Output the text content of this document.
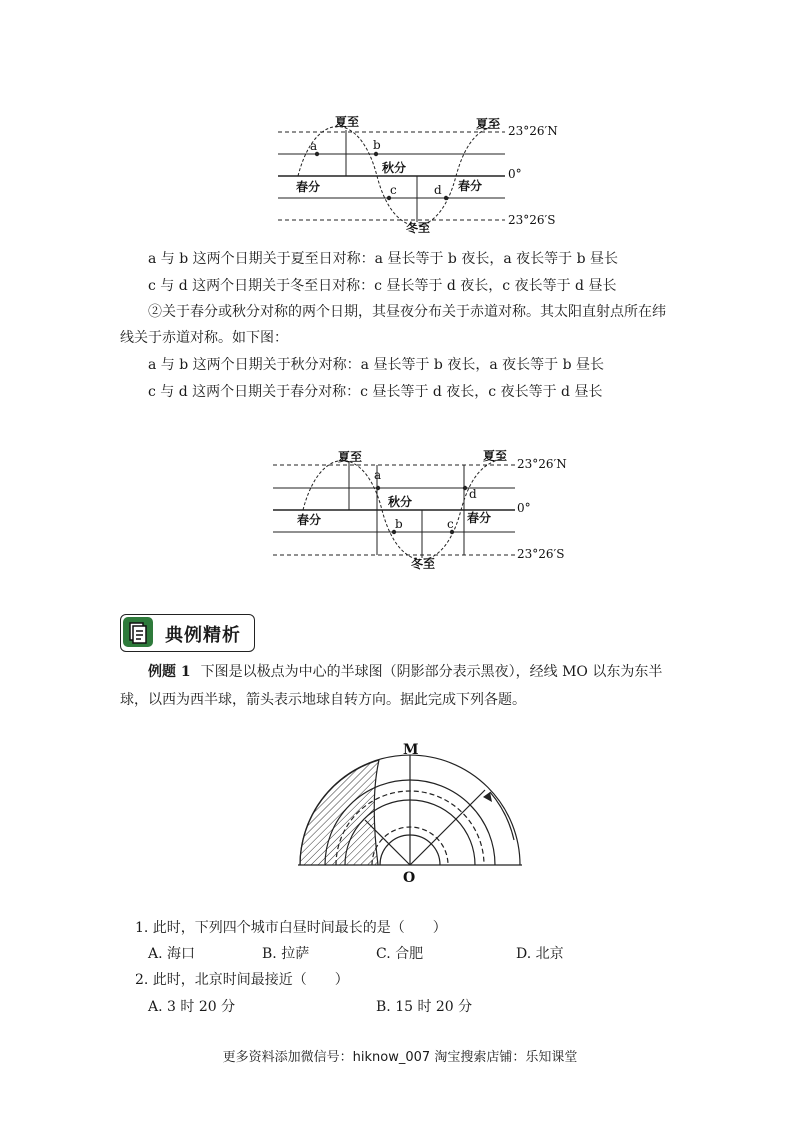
夏至	夏至 23°26′N
a	b
秋分	0°
春分	春分
c	d
23°26′S
冬至
a 与 b 这两个日期关于夏至日对称：a 昼长等于 b 夜长，a 夜长等于 b 昼长
c 与 d 这两个日期关于冬至日对称：c 昼长等于 d 夜长，c 夜长等于 d 昼长
②关于春分或秋分对称的两个日期，其昼夜分布关于赤道对称。其太阳直射点所在纬
线关于赤道对称。如下图：
a 与 b 这两个日期关于秋分对称：a 昼长等于 b 夜长，a 夜长等于 b 昼长
c 与 d 这两个日期关于春分对称：c 昼长等于 d 夜长，c 夜长等于 d 昼长
夏至	夏至
23°26′N
a
d
秋分	0°
春分	春分
b	c
23°26′S
冬至
典例精析
例题 1 下图是以极点为中心的半球图（阴影部分表示黑夜），经线 MO 以东为东半
球，以西为西半球，箭头表示地球自转方向。据此完成下列各题。
M
O
1. 此时，下列四个城市白昼时间最长的是（　　）
A. 海口	B. 拉萨	C. 合肥	D. 北京
2. 此时，北京时间最接近（　　）
A. 3 时 20 分	B. 15 时 20 分
更多资料添加微信号：hiknow_007 淘宝搜索店铺：乐知课堂
